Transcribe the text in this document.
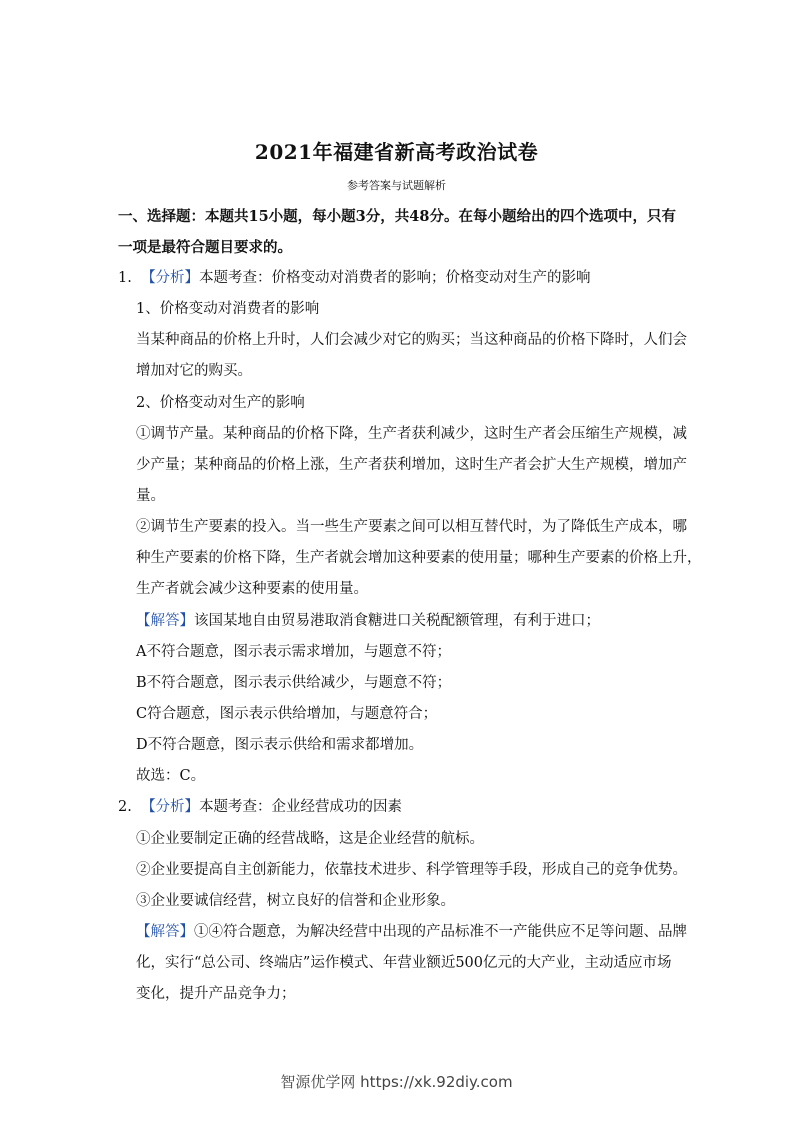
2021年福建省新高考政治试卷
参考答案与试题解析
一、选择题：本题共15小题，每小题3分，共48分。在每小题给出的四个选项中，只有
一项是最符合题目要求的。
1. 【分析】本题考查：价格变动对消费者的影响；价格变动对生产的影响
1、价格变动对消费者的影响
当某种商品的价格上升时，人们会减少对它的购买；当这种商品的价格下降时，人们会
增加对它的购买。
2、价格变动对生产的影响
①调节产量。某种商品的价格下降，生产者获利减少，这时生产者会压缩生产规模，减
少产量；某种商品的价格上涨，生产者获利增加，这时生产者会扩大生产规模，增加产
量。
②调节生产要素的投入。当一些生产要素之间可以相互替代时，为了降低生产成本，哪
种生产要素的价格下降，生产者就会增加这种要素的使用量；哪种生产要素的价格上升，
生产者就会减少这种要素的使用量。
【解答】该国某地自由贸易港取消食糖进口关税配额管理，有利于进口；
A不符合题意，图示表示需求增加，与题意不符；
B不符合题意，图示表示供给减少，与题意不符；
C符合题意，图示表示供给增加，与题意符合；
D不符合题意，图示表示供给和需求都增加。
故选：C。
2. 【分析】本题考查：企业经营成功的因素
①企业要制定正确的经营战略，这是企业经营的航标。
②企业要提高自主创新能力，依靠技术进步、科学管理等手段，形成自己的竞争优势。
③企业要诚信经营，树立良好的信誉和企业形象。
【解答】①④符合题意，为解决经营中出现的产品标准不一产能供应不足等问题、品牌
化，实行“总公司、终端店”运作模式、年营业额近500亿元的大产业，主动适应市场
变化，提升产品竞争力；
智源优学网 https://xk.92diy.com
